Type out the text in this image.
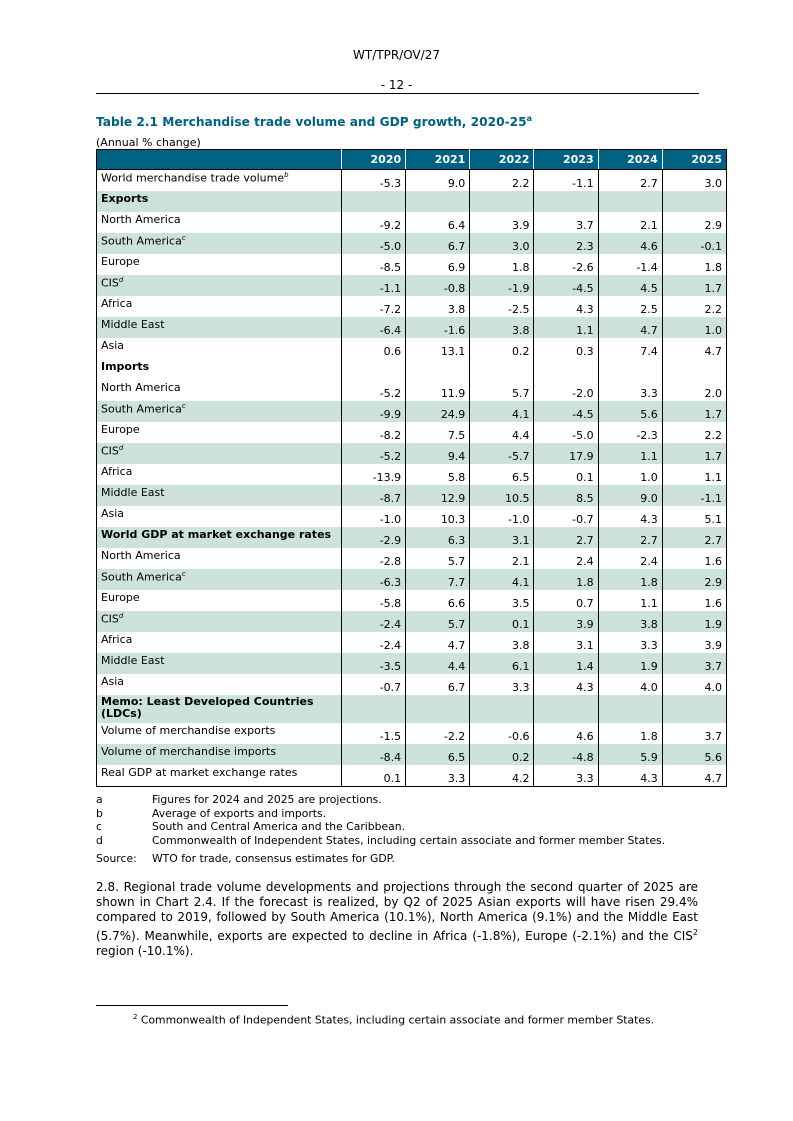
WT/TPR/OV/27
- 12 -
Table 2.1 Merchandise trade volume and GDP growth, 2020-25$^a$
(Annual % change)
	2020	2021	2022	2023	2024	2025
World merchandise trade volume$^b$	-5.3	9.0	2.2	-1.1	2.7	3.0
Exports						
North America	-9.2	6.4	3.9	3.7	2.1	2.9
South America$^c$	-5.0	6.7	3.0	2.3	4.6	-0.1
Europe	-8.5	6.9	1.8	-2.6	-1.4	1.8
CIS$^d$	-1.1	-0.8	-1.9	-4.5	4.5	1.7
Africa	-7.2	3.8	-2.5	4.3	2.5	2.2
Middle East	-6.4	-1.6	3.8	1.1	4.7	1.0
Asia	0.6	13.1	0.2	0.3	7.4	4.7
Imports						
North America	-5.2	11.9	5.7	-2.0	3.3	2.0
South America$^c$	-9.9	24.9	4.1	-4.5	5.6	1.7
Europe	-8.2	7.5	4.4	-5.0	-2.3	2.2
CIS$^d$	-5.2	9.4	-5.7	17.9	1.1	1.7
Africa	-13.9	5.8	6.5	0.1	1.0	1.1
Middle East	-8.7	12.9	10.5	8.5	9.0	-1.1
Asia	-1.0	10.3	-1.0	-0.7	4.3	5.1
World GDP at market exchange rates	-2.9	6.3	3.1	2.7	2.7	2.7
North America	-2.8	5.7	2.1	2.4	2.4	1.6
South America$^c$	-6.3	7.7	4.1	1.8	1.8	2.9
Europe	-5.8	6.6	3.5	0.7	1.1	1.6
CIS$^d$	-2.4	5.7	0.1	3.9	3.8	1.9
Africa	-2.4	4.7	3.8	3.1	3.3	3.9
Middle East	-3.5	4.4	6.1	1.4	1.9	3.7
Asia	-0.7	6.7	3.3	4.3	4.0	4.0
Memo: Least Developed Countries (LDCs)						
Volume of merchandise exports	-1.5	-2.2	-0.6	4.6	1.8	3.7
Volume of merchandise imports	-8.4	6.5	0.2	-4.8	5.9	5.6
Real GDP at market exchange rates	0.1	3.3	4.2	3.3	4.3	4.7
a	Figures for 2024 and 2025 are projections.
b	Average of exports and imports.
c	South and Central America and the Caribbean.
d	Commonwealth of Independent States, including certain associate and former member States.
Source:	WTO for trade, consensus estimates for GDP.
2.8. Regional trade volume developments and projections through the second quarter of 2025 are shown in Chart 2.4. If the forecast is realized, by Q2 of 2025 Asian exports will have risen 29.4% compared to 2019, followed by South America (10.1%), North America (9.1%) and the Middle East (5.7%). Meanwhile, exports are expected to decline in Africa (-1.8%), Europe (-2.1%) and the CIS$^2$ region (-10.1%).
$^2$ Commonwealth of Independent States, including certain associate and former member States.
